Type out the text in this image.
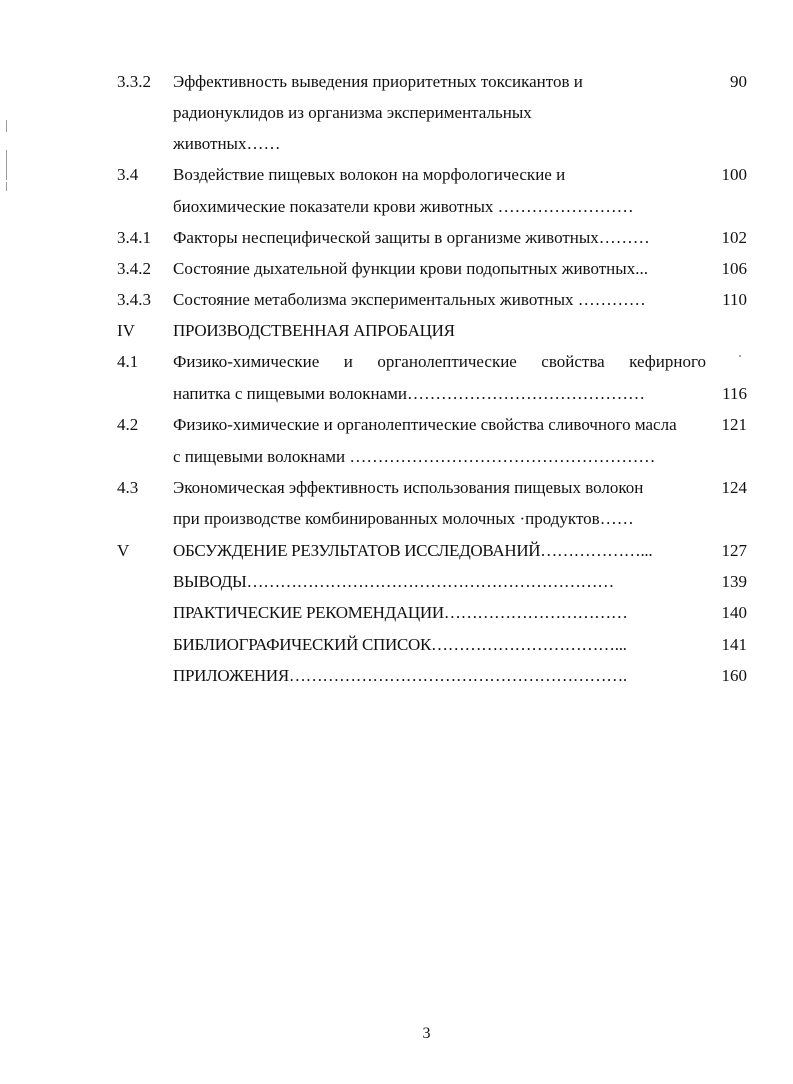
3.3.2 Эффективность выведения приоритетных токсикантов и	90
радионуклидов из организма экспериментальных
животных……
3.4 Воздействие пищевых волокон на морфологические и	100
биохимические показатели крови животных ……………………
3.4.1 Факторы неспецифической защиты в организме животных………	102
3.4.2 Состояние дыхательной функции крови подопытных животных...	106
3.4.3 Состояние метаболизма экспериментальных животных …………	110
IV ПРОИЗВОДСТВЕННАЯ АПРОБАЦИЯ
4.1 Физико-химические и органолептические свойства кефирного
напитка с пищевыми волокнами……………………………………	116
4.2 Физико-химические и органолептические свойства сливочного масла	121
с пищевыми волокнами ………………………………………………
4.3 Экономическая эффективность использования пищевых волокон	124
при производстве комбинированных молочных ·продуктов……
V	ОБСУЖДЕНИЕ РЕЗУЛЬТАТОВ ИССЛЕДОВАНИЙ………………...	127
ВЫВОДЫ…………………………………………………………	139
ПРАКТИЧЕСКИЕ РЕКОМЕНДАЦИИ……………………………	140
БИБЛИОГРАФИЧЕСКИЙ СПИСОК……………………………...	141
ПРИЛОЖЕНИЯ…………………………………………………….	160
3
